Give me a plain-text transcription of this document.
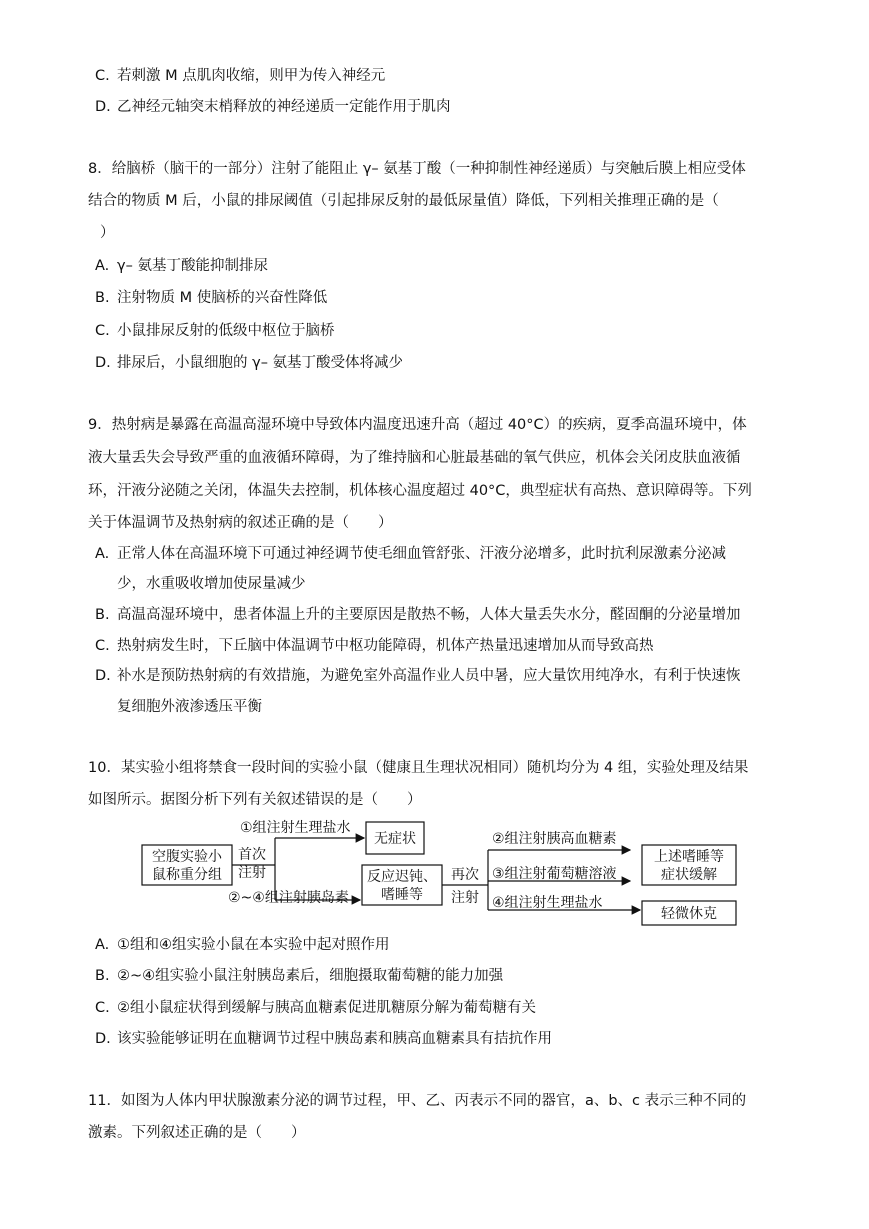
C. 若刺激 M 点肌肉收缩，则甲为传入神经元
D. 乙神经元轴突末梢释放的神经递质一定能作用于肌肉
8．给脑桥（脑干的一部分）注射了能阻止 γ– 氨基丁酸（一种抑制性神经递质）与突触后膜上相应受体
结合的物质 M 后，小鼠的排尿阈值（引起排尿反射的最低尿量值）降低，下列相关推理正确的是（
）
A. γ– 氨基丁酸能抑制排尿
B. 注射物质 M 使脑桥的兴奋性降低
C. 小鼠排尿反射的低级中枢位于脑桥
D. 排尿后，小鼠细胞的 γ– 氨基丁酸受体将减少
9．热射病是暴露在高温高湿环境中导致体内温度迅速升高（超过 40°C）的疾病，夏季高温环境中，体
液大量丢失会导致严重的血液循环障碍，为了维持脑和心脏最基础的氧气供应，机体会关闭皮肤血液循
环，汗液分泌随之关闭，体温失去控制，机体核心温度超过 40°C，典型症状有高热、意识障碍等。下列
关于体温调节及热射病的叙述正确的是（　　）
A. 正常人体在高温环境下可通过神经调节使毛细血管舒张、汗液分泌增多，此时抗利尿激素分泌减
少，水重吸收增加使尿量减少
B. 高温高湿环境中，患者体温上升的主要原因是散热不畅，人体大量丢失水分，醛固酮的分泌量增加
C. 热射病发生时，下丘脑中体温调节中枢功能障碍，机体产热量迅速增加从而导致高热
D. 补水是预防热射病的有效措施，为避免室外高温作业人员中暑，应大量饮用纯净水，有利于快速恢
复细胞外液渗透压平衡
10．某实验小组将禁食一段时间的实验小鼠（健康且生理状况相同）随机均分为 4 组，实验处理及结果
如图所示。据图分析下列有关叙述错误的是（　　）
空腹实验小
鼠称重分组
首次
注射
①组注射生理盐水
②~④组注射胰岛素
无症状
反应迟钝、
嗜睡等
再次
注射
②组注射胰高血糖素
③组注射葡萄糖溶液
④组注射生理盐水
上述嗜睡等
症状缓解
轻微休克
A. ①组和④组实验小鼠在本实验中起对照作用
B. ②~④组实验小鼠注射胰岛素后，细胞摄取葡萄糖的能力加强
C. ②组小鼠症状得到缓解与胰高血糖素促进肌糖原分解为葡萄糖有关
D. 该实验能够证明在血糖调节过程中胰岛素和胰高血糖素具有拮抗作用
11．如图为人体内甲状腺激素分泌的调节过程，甲、乙、丙表示不同的器官，a、b、c 表示三种不同的
激素。下列叙述正确的是（　　）
